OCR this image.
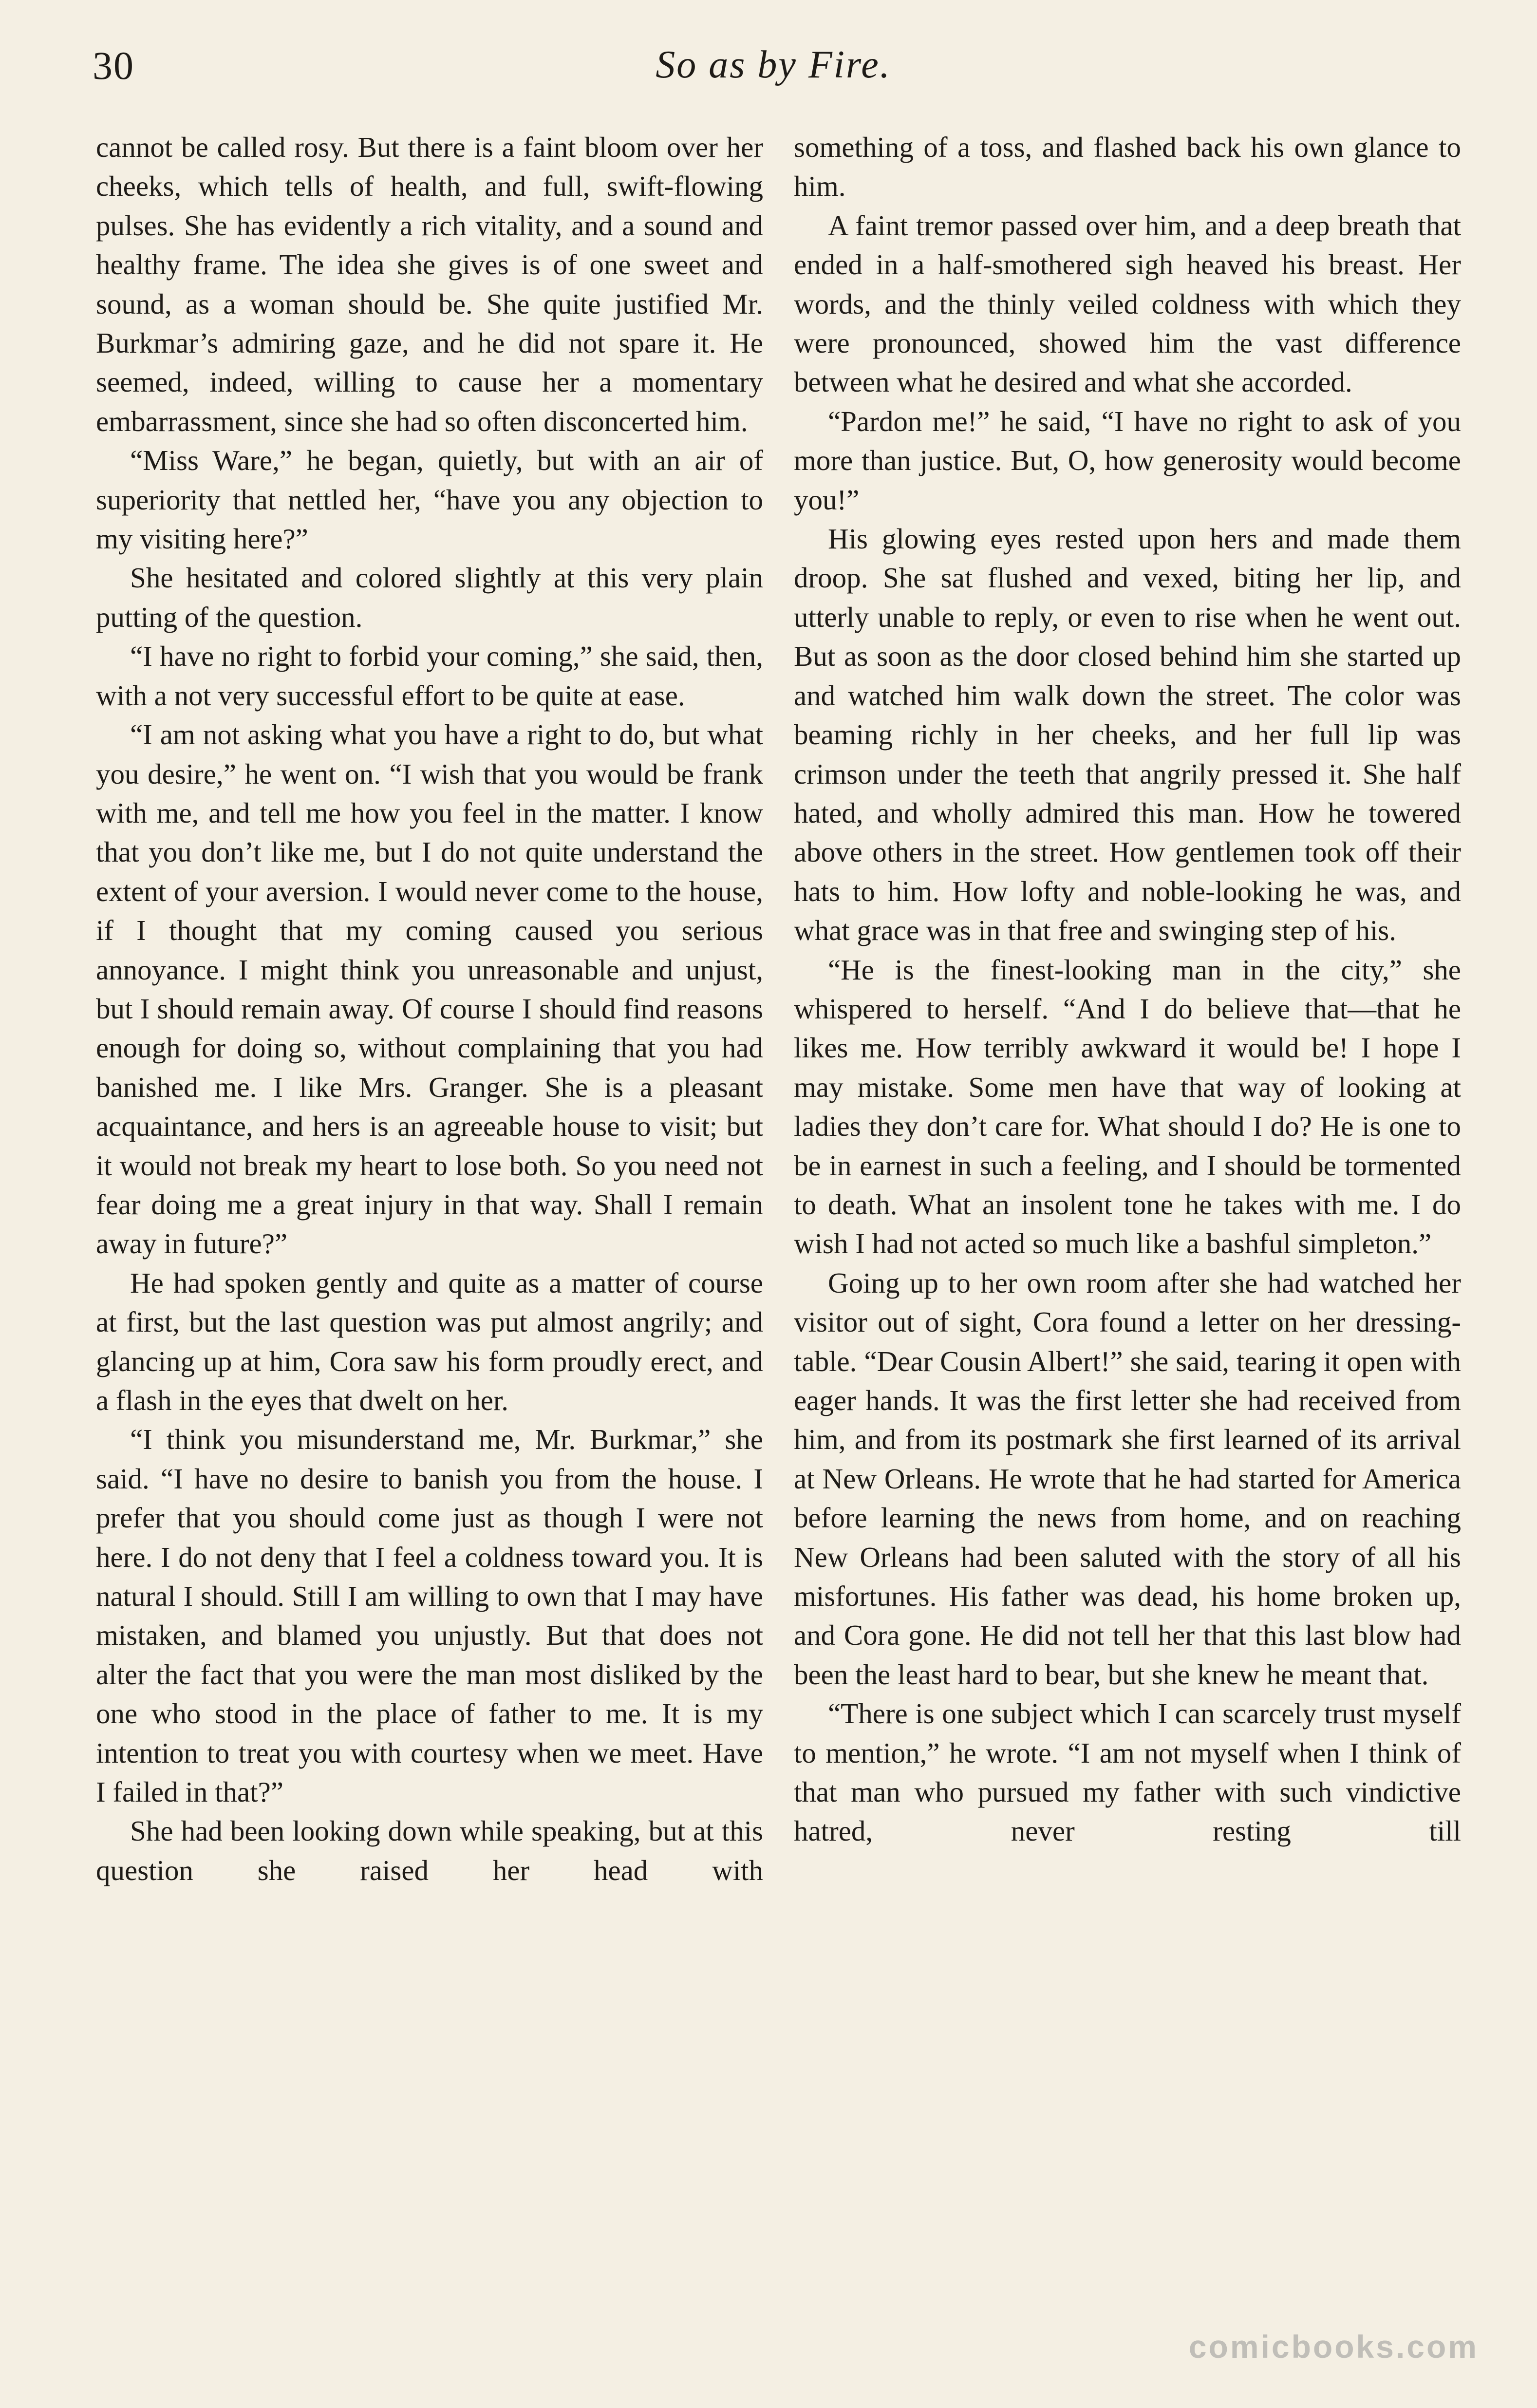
30	So as by Fire.

cannot be called rosy. But there is a faint bloom over her cheeks, which tells of health, and full, swift-flowing pulses. She has evidently a rich vitality, and a sound and healthy frame. The idea she gives is of one sweet and sound, as a woman should be. She quite justified Mr. Burkmar’s admiring gaze, and he did not spare it. He seemed, indeed, willing to cause her a momentary embarrassment, since she had so often disconcerted him.

“Miss Ware,” he began, quietly, but with an air of superiority that nettled her, “have you any objection to my visiting here?”

She hesitated and colored slightly at this very plain putting of the question.

“I have no right to forbid your coming,” she said, then, with a not very successful effort to be quite at ease.

“I am not asking what you have a right to do, but what you desire,” he went on. “I wish that you would be frank with me, and tell me how you feel in the matter. I know that you don’t like me, but I do not quite understand the extent of your aversion. I would never come to the house, if I thought that my coming caused you serious annoyance. I might think you unreasonable and unjust, but I should remain away. Of course I should find reasons enough for doing so, without complaining that you had banished me. I like Mrs. Granger. She is a pleasant acquaintance, and hers is an agreeable house to visit; but it would not break my heart to lose both. So you need not fear doing me a great injury in that way. Shall I remain away in future?”

He had spoken gently and quite as a matter of course at first, but the last question was put almost angrily; and glancing up at him, Cora saw his form proudly erect, and a flash in the eyes that dwelt on her.

“I think you misunderstand me, Mr. Burkmar,” she said. “I have no desire to banish you from the house. I prefer that you should come just as though I were not here. I do not deny that I feel a coldness toward you. It is natural I should. Still I am willing to own that I may have mistaken, and blamed you unjustly. But that does not alter the fact that you were the man most disliked by the one who stood in the place of father to me. It is my intention to treat you with courtesy when we meet. Have I failed in that?”

She had been looking down while speaking, but at this question she raised her head with

something of a toss, and flashed back his own glance to him.

A faint tremor passed over him, and a deep breath that ended in a half-smothered sigh heaved his breast. Her words, and the thinly veiled coldness with which they were pronounced, showed him the vast difference between what he desired and what she accorded.

“Pardon me!” he said, “I have no right to ask of you more than justice. But, O, how generosity would become you!”

His glowing eyes rested upon hers and made them droop. She sat flushed and vexed, biting her lip, and utterly unable to reply, or even to rise when he went out. But as soon as the door closed behind him she started up and watched him walk down the street. The color was beaming richly in her cheeks, and her full lip was crimson under the teeth that angrily pressed it. She half hated, and wholly admired this man. How he towered above others in the street. How gentlemen took off their hats to him. How lofty and noble-looking he was, and what grace was in that free and swinging step of his.

“He is the finest-looking man in the city,” she whispered to herself. “And I do believe that—that he likes me. How terribly awkward it would be! I hope I may mistake. Some men have that way of looking at ladies they don’t care for. What should I do? He is one to be in earnest in such a feeling, and I should be tormented to death. What an insolent tone he takes with me. I do wish I had not acted so much like a bashful simpleton.”

Going up to her own room after she had watched her visitor out of sight, Cora found a letter on her dressing-table. “Dear Cousin Albert!” she said, tearing it open with eager hands. It was the first letter she had received from him, and from its postmark she first learned of its arrival at New Orleans. He wrote that he had started for America before learning the news from home, and on reaching New Orleans had been saluted with the story of all his misfortunes. His father was dead, his home broken up, and Cora gone. He did not tell her that this last blow had been the least hard to bear, but she knew he meant that.

“There is one subject which I can scarcely trust myself to mention,” he wrote. “I am not myself when I think of that man who pursued my father with such vindictive hatred, never resting till

comicbooks.com
